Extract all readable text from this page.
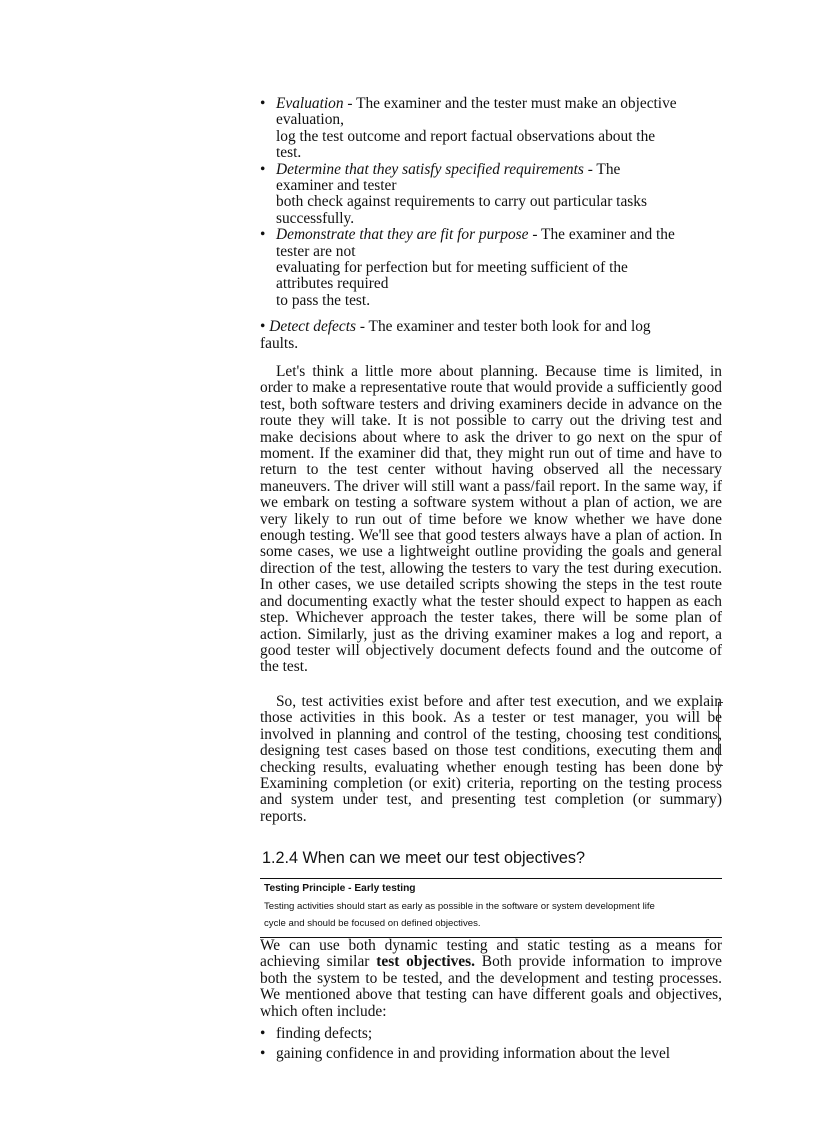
• Evaluation - The examiner and the tester must make an objective
evaluation,
log the test outcome and report factual observations about the
test.
• Determine that they satisfy specified requirements - The
examiner and tester
both check against requirements to carry out particular tasks
successfully.
• Demonstrate that they are fit for purpose - The examiner and the
tester are not
evaluating for perfection but for meeting sufficient of the
attributes required
to pass the test.
• Detect defects - The examiner and tester both look for and log
faults.
Let's think a little more about planning. Because time is limited, in order to make a representative route that would provide a sufficiently good test, both software testers and driving examiners decide in advance on the route they will take. It is not possible to carry out the driving test and make decisions about where to ask the driver to go next on the spur of moment. If the examiner did that, they might run out of time and have to return to the test center without having observed all the necessary maneuvers. The driver will still want a pass/fail report. In the same way, if we embark on testing a software system without a plan of action, we are very likely to run out of time before we know whether we have done enough testing. We'll see that good testers always have a plan of action. In some cases, we use a lightweight outline providing the goals and general direction of the test, allowing the testers to vary the test during execution. In other cases, we use detailed scripts showing the steps in the test route and documenting exactly what the tester should expect to happen as each step. Whichever approach the tester takes, there will be some plan of action. Similarly, just as the driving examiner makes a log and report, a good tester will objectively document defects found and the outcome of the test.
So, test activities exist before and after test execution, and we explain those activities in this book. As a tester or test manager, you will be involved in planning and control of the testing, choosing test conditions, designing test cases based on those test conditions, executing them and checking results, evaluating whether enough testing has been done by Examining completion (or exit) criteria, reporting on the testing process and system under test, and presenting test completion (or summary) reports.
1.2.4 When can we meet our test objectives?
Testing Principle - Early testing
Testing activities should start as early as possible in the software or system development life
cycle and should be focused on defined objectives.
We can use both dynamic testing and static testing as a means for achieving similar test objectives. Both provide information to improve both the system to be tested, and the development and testing processes. We mentioned above that testing can have different goals and objectives, which often include:
• finding defects;
• gaining confidence in and providing information about the level
